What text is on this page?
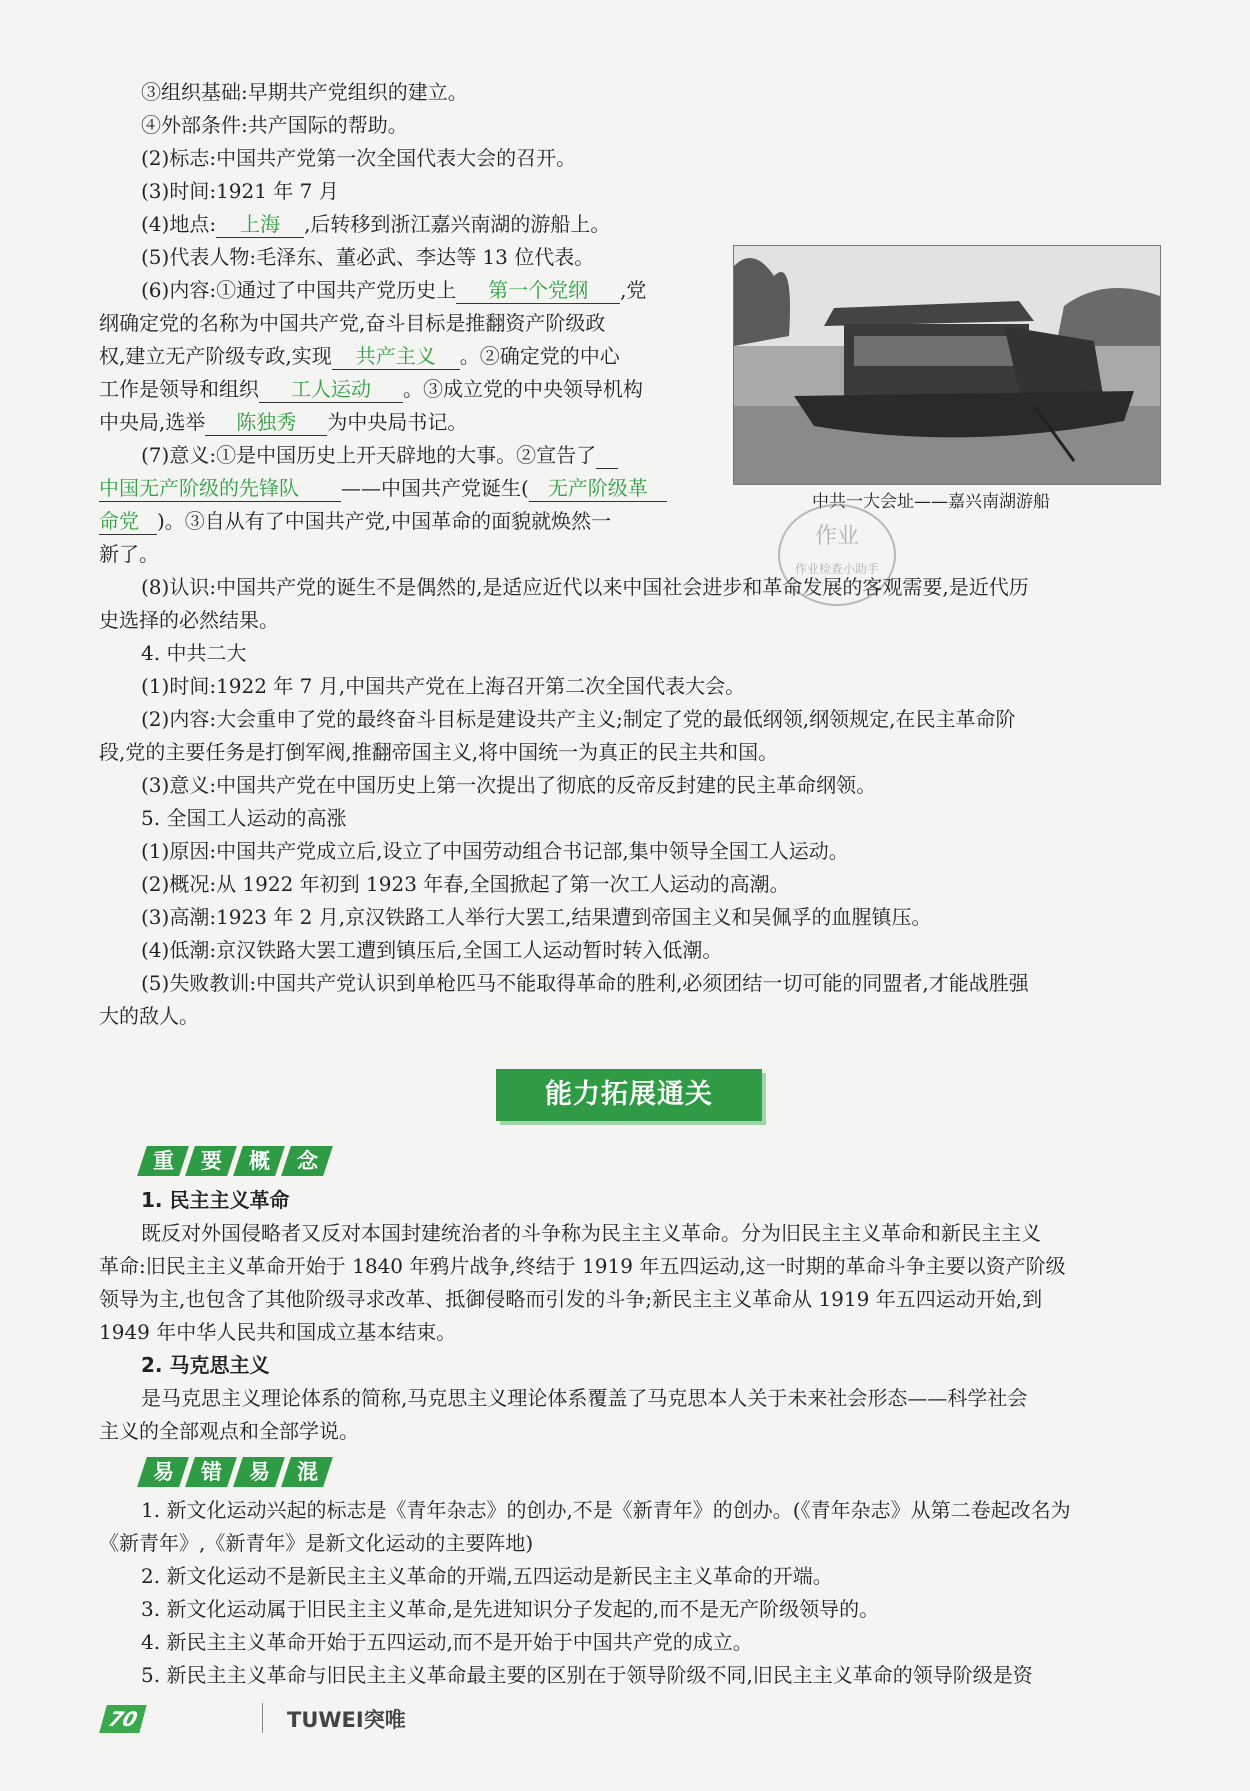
③组织基础:早期共产党组织的建立。
④外部条件:共产国际的帮助。
(2)标志:中国共产党第一次全国代表大会的召开。
(3)时间:1921 年 7 月
(4)地点: 上海 ,后转移到浙江嘉兴南湖的游船上。
(5)代表人物:毛泽东、董必武、李达等 13 位代表。
(6)内容:①通过了中国共产党历史上 第一个党纲 ,党
纲确定党的名称为中国共产党,奋斗目标是推翻资产阶级政
权,建立无产阶级专政,实现 共产主义 。②确定党的中心
工作是领导和组织 工人运动 。③成立党的中央领导机构
中央局,选举 陈独秀 为中央局书记。
(7)意义:①是中国历史上开天辟地的大事。②宣告了
中国无产阶级的先锋队 ——中国共产党诞生( 无产阶级革
命党 )。③自从有了中国共产党,中国革命的面貌就焕然一
新了。
中共一大会址——嘉兴南湖游船
作业
作业检查小助手
(8)认识:中国共产党的诞生不是偶然的,是适应近代以来中国社会进步和革命发展的客观需要,是近代历
史选择的必然结果。
4. 中共二大
(1)时间:1922 年 7 月,中国共产党在上海召开第二次全国代表大会。
(2)内容:大会重申了党的最终奋斗目标是建设共产主义;制定了党的最低纲领,纲领规定,在民主革命阶
段,党的主要任务是打倒军阀,推翻帝国主义,将中国统一为真正的民主共和国。
(3)意义:中国共产党在中国历史上第一次提出了彻底的反帝反封建的民主革命纲领。
5. 全国工人运动的高涨
(1)原因:中国共产党成立后,设立了中国劳动组合书记部,集中领导全国工人运动。
(2)概况:从 1922 年初到 1923 年春,全国掀起了第一次工人运动的高潮。
(3)高潮:1923 年 2 月,京汉铁路工人举行大罢工,结果遭到帝国主义和吴佩孚的血腥镇压。
(4)低潮:京汉铁路大罢工遭到镇压后,全国工人运动暂时转入低潮。
(5)失败教训:中国共产党认识到单枪匹马不能取得革命的胜利,必须团结一切可能的同盟者,才能战胜强
大的敌人。
能力拓展通关
重	要	概	念
1. 民主主义革命
既反对外国侵略者又反对本国封建统治者的斗争称为民主主义革命。分为旧民主主义革命和新民主主义
革命:旧民主主义革命开始于 1840 年鸦片战争,终结于 1919 年五四运动,这一时期的革命斗争主要以资产阶级
领导为主,也包含了其他阶级寻求改革、抵御侵略而引发的斗争;新民主主义革命从 1919 年五四运动开始,到
1949 年中华人民共和国成立基本结束。
2. 马克思主义
是马克思主义理论体系的简称,马克思主义理论体系覆盖了马克思本人关于未来社会形态——科学社会
主义的全部观点和全部学说。
易	错	易	混
1. 新文化运动兴起的标志是《青年杂志》的创办,不是《新青年》的创办。(《青年杂志》从第二卷起改名为
《新青年》,《新青年》是新文化运动的主要阵地)
2. 新文化运动不是新民主主义革命的开端,五四运动是新民主主义革命的开端。
3. 新文化运动属于旧民主主义革命,是先进知识分子发起的,而不是无产阶级领导的。
4. 新民主主义革命开始于五四运动,而不是开始于中国共产党的成立。
5. 新民主主义革命与旧民主主义革命最主要的区别在于领导阶级不同,旧民主主义革命的领导阶级是资
70	TUWEI突唯
